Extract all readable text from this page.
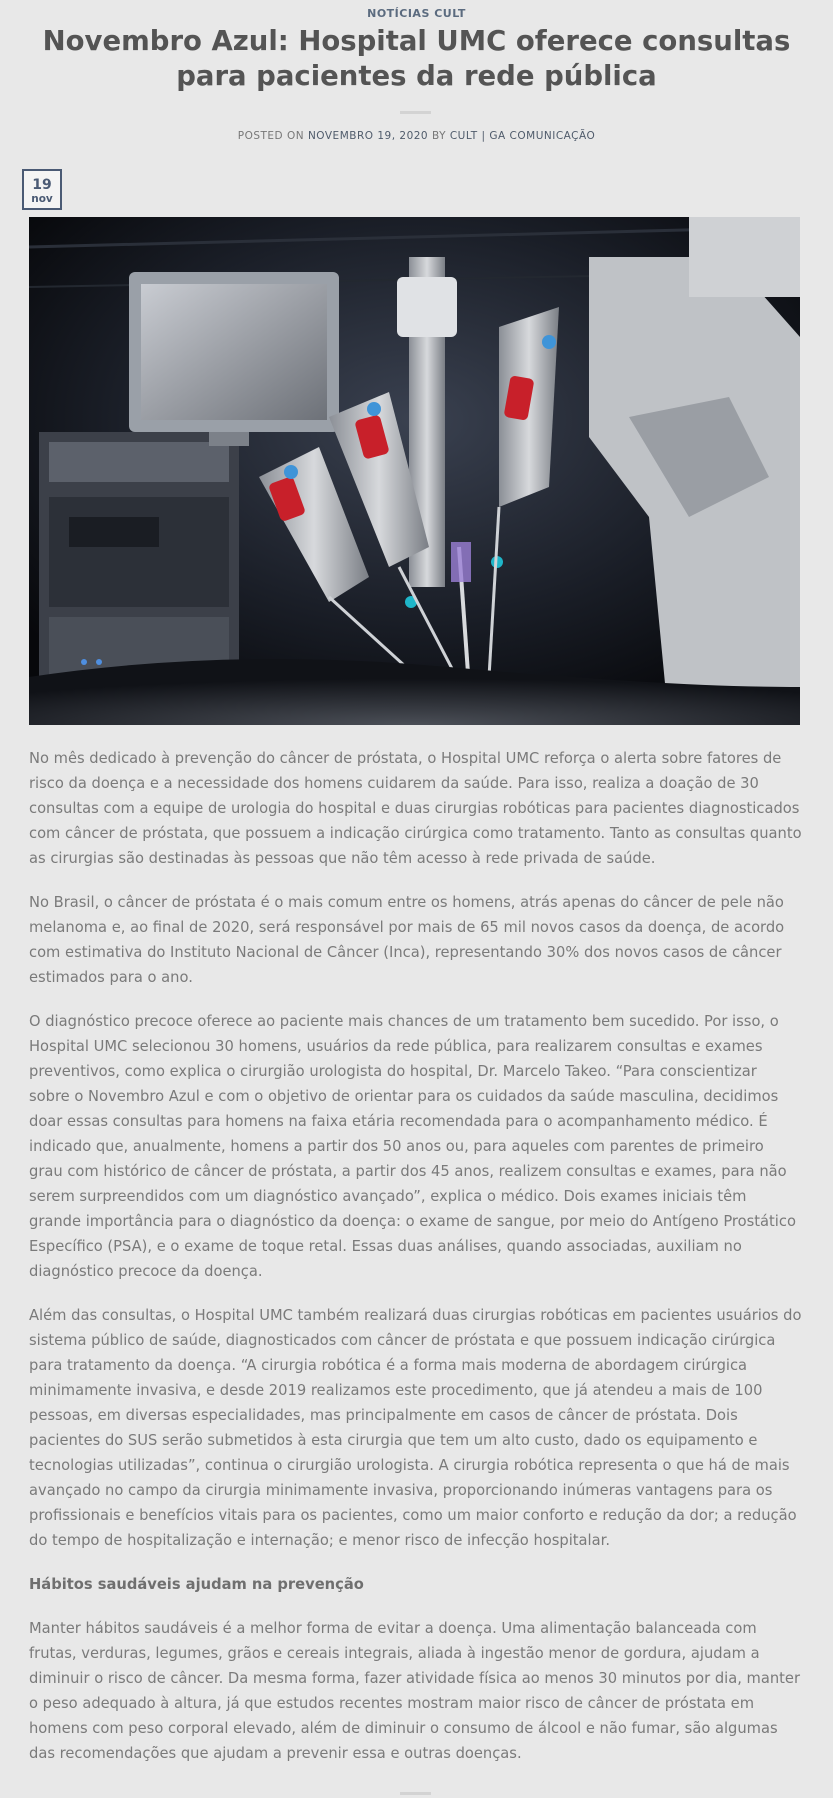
NOTÍCIAS CULT
Novembro Azul: Hospital UMC oferece consultas para pacientes da rede pública
POSTED ON NOVEMBRO 19, 2020 BY CULT | GA COMUNICAÇÃO
19
nov

No mês dedicado à prevenção do câncer de próstata, o Hospital UMC reforça o alerta sobre fatores de risco da doença e a necessidade dos homens cuidarem da saúde. Para isso, realiza a doação de 30 consultas com a equipe de urologia do hospital e duas cirurgias robóticas para pacientes diagnosticados com câncer de próstata, que possuem a indicação cirúrgica como tratamento. Tanto as consultas quanto as cirurgias são destinadas às pessoas que não têm acesso à rede privada de saúde.

No Brasil, o câncer de próstata é o mais comum entre os homens, atrás apenas do câncer de pele não melanoma e, ao final de 2020, será responsável por mais de 65 mil novos casos da doença, de acordo com estimativa do Instituto Nacional de Câncer (Inca), representando 30% dos novos casos de câncer estimados para o ano.

O diagnóstico precoce oferece ao paciente mais chances de um tratamento bem sucedido. Por isso, o Hospital UMC selecionou 30 homens, usuários da rede pública, para realizarem consultas e exames preventivos, como explica o cirurgião urologista do hospital, Dr. Marcelo Takeo. “Para conscientizar sobre o Novembro Azul e com o objetivo de orientar para os cuidados da saúde masculina, decidimos doar essas consultas para homens na faixa etária recomendada para o acompanhamento médico. É indicado que, anualmente, homens a partir dos 50 anos ou, para aqueles com parentes de primeiro grau com histórico de câncer de próstata, a partir dos 45 anos, realizem consultas e exames, para não serem surpreendidos com um diagnóstico avançado”, explica o médico. Dois exames iniciais têm grande importância para o diagnóstico da doença: o exame de sangue, por meio do Antígeno Prostático Específico (PSA), e o exame de toque retal. Essas duas análises, quando associadas, auxiliam no diagnóstico precoce da doença.

Além das consultas, o Hospital UMC também realizará duas cirurgias robóticas em pacientes usuários do sistema público de saúde, diagnosticados com câncer de próstata e que possuem indicação cirúrgica para tratamento da doença. “A cirurgia robótica é a forma mais moderna de abordagem cirúrgica minimamente invasiva, e desde 2019 realizamos este procedimento, que já atendeu a mais de 100 pessoas, em diversas especialidades, mas principalmente em casos de câncer de próstata. Dois pacientes do SUS serão submetidos à esta cirurgia que tem um alto custo, dado os equipamento e tecnologias utilizadas”, continua o cirurgião urologista. A cirurgia robótica representa o que há de mais avançado no campo da cirurgia minimamente invasiva, proporcionando inúmeras vantagens para os profissionais e benefícios vitais para os pacientes, como um maior conforto e redução da dor; a redução do tempo de hospitalização e internação; e menor risco de infecção hospitalar.

Hábitos saudáveis ajudam na prevenção

Manter hábitos saudáveis é a melhor forma de evitar a doença. Uma alimentação balanceada com frutas, verduras, legumes, grãos e cereais integrais, aliada à ingestão menor de gordura, ajudam a diminuir o risco de câncer. Da mesma forma, fazer atividade física ao menos 30 minutos por dia, manter o peso adequado à altura, já que estudos recentes mostram maior risco de câncer de próstata em homens com peso corporal elevado, além de diminuir o consumo de álcool e não fumar, são algumas das recomendações que ajudam a prevenir essa e outras doenças.
